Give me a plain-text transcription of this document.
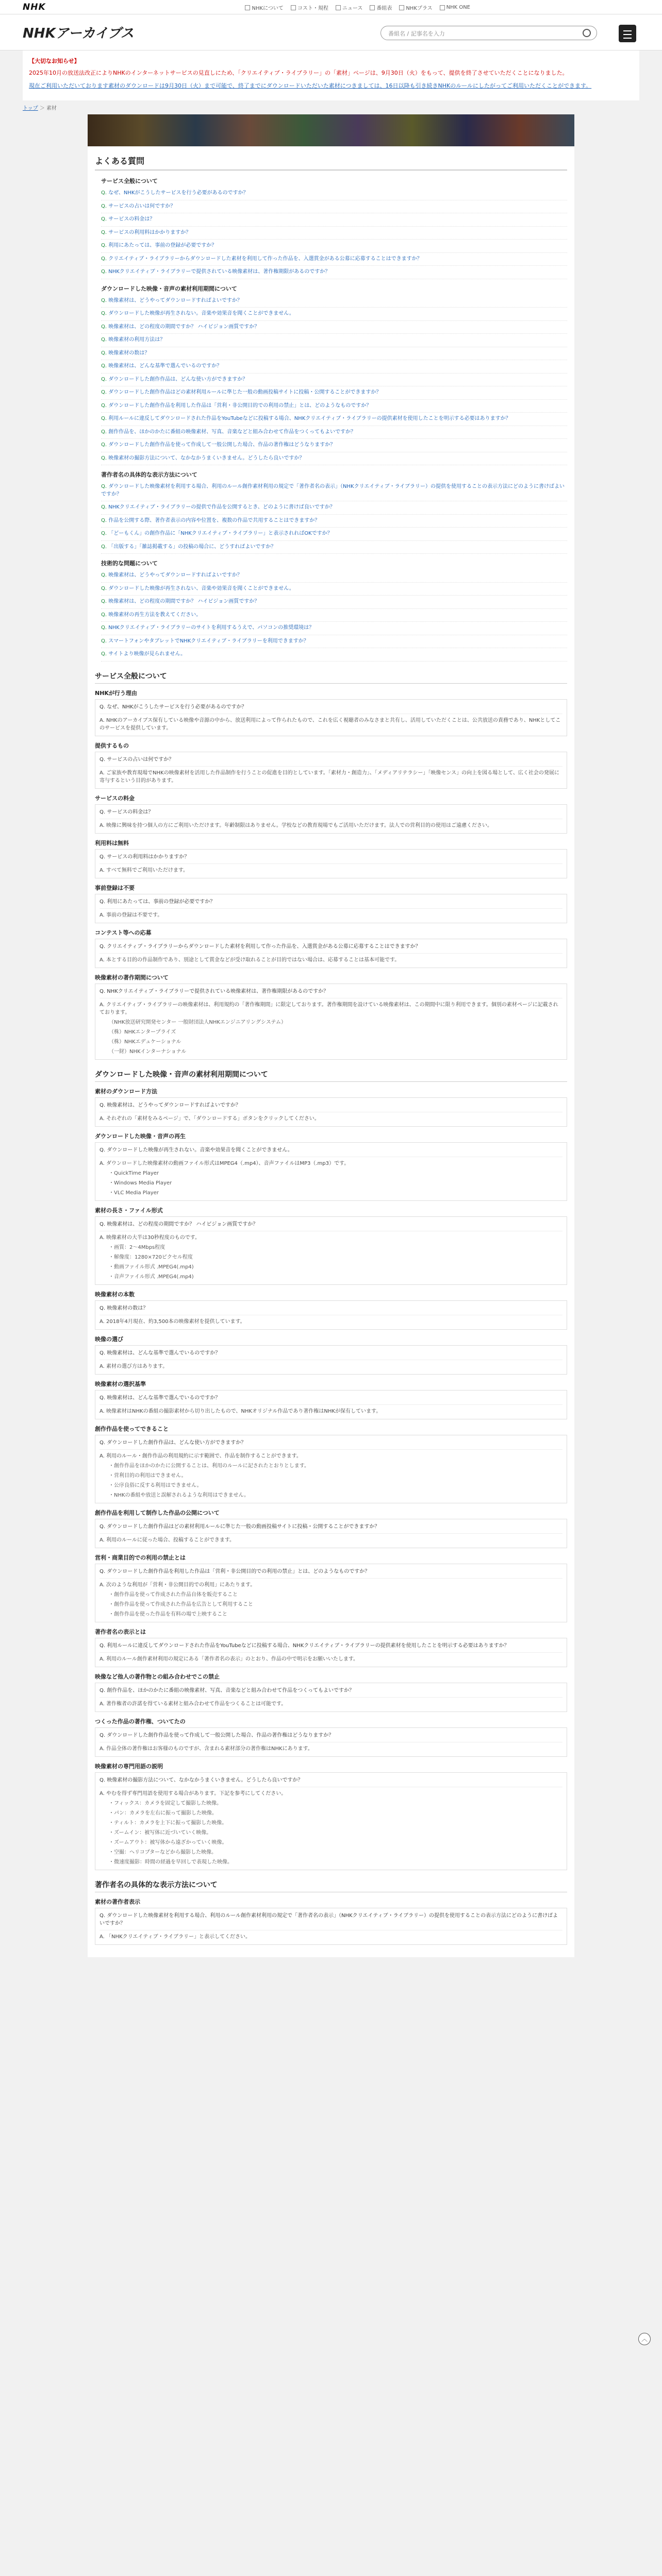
NHK	NHKについて	コスト・規程	ニュース	番組表	NHKプラス	NHK ONE
NHKアーカイブス	番組名 / 記事名を入力
【大切なお知らせ】

2025年10月の放送法改正によりNHKのインターネットサービスの見直しにため、「クリエイティブ・ライブラリー」の「素材」ページは、9月30日（火）をもって、提供を終了させていただくことになりました。

現在ご利用いただいております素材のダウンロードは9月30日（火）まで可能で、終了までにダウンロードいただいた素材につきましては、16日以降も引き続きNHKのルールにしたがってご利用いただくことができます。

トップ ＞ 素材
よくある質問
サービス全般について
Q. なぜ、NHKがこうしたサービスを行う必要があるのですか？
Q. サービスの占いは何ですか？
Q. サービスの料金は？
Q. サービスの利用料はかかりますか？
Q. 利用にあたっては、事前の登録が必要ですか？
Q. クリエイティブ・ライブラリーからダウンロードした素材を利用して作った作品を、入選賞金がある公募に応募することはできますか？
Q. NHKクリエイティブ・ライブラリーで提供されている映像素材は、著作権期限があるのですか？
ダウンロードした映像・音声の素材利用期間について
Q. 映像素材は、どうやってダウンロードすればよいですか？
Q. ダウンロードした映像が再生されない。音楽や効果音を聞くことができません。
Q. 映像素材は、どの程度の期間ですか？ ハイビジョン画質ですか？
Q. 映像素材の利用方法は？
Q. 映像素材の数は？
Q. 映像素材は、どんな基準で選んでいるのですか？
Q. ダウンロードした創作作品は、どんな使い方ができますか？
Q. ダウンロードした創作作品はどの素材利用ルールに準じた一般の動画投稿サイトに投稿・公開することができますか？
Q. ダウンロードした創作作品を利用した作品は「営利・非公開目的での利用の禁止」とは、どのようなものですか？
Q. 利用ルールに違反してダウンロードされた作品をYouTubeなどに投稿する場合、NHKクリエイティブ・ライブラリーの提供素材を使用したことを明示する必要はありますか？
Q. 創作作品を、ほかのかたに番組の映像素材、写真、音楽などと組み合わせて作品をつくってもよいですか？
Q. ダウンロードした創作作品を使って作成して一般公開した場合、作品の著作権はどうなりますか？
Q. 映像素材の撮影方法について、なかなかうまくいきません。どうしたら良いですか？
著作者名の具体的な表示方法について
Q. ダウンロードした映像素材を利用する場合、利用のルール創作素材利用の規定で「著作者名の表示」（NHKクリエイティブ・ライブラリー）の提供を使用することの表示方法にどのように書けばよいですか？
Q. NHKクリエイティブ・ライブラリーの提供で作品を公開するとき、どのように書けば良いですか？
Q. 作品を公開する際、著作者表示の内容や位置を、複数の作品で共用することはできますか？
Q. 「どーもくん」の創作作品に「NHKクリエイティブ・ライブラリー」と表示されればOKですか？
Q. 「出版する」「雑誌掲載する」の投稿の場合に、どうすればよいですか？
技術的な問題について
Q. 映像素材は、どうやってダウンロードすればよいですか？
Q. ダウンロードした映像が再生されない、音楽や効果音を聞くことができません。
Q. 映像素材は、どの程度の期間ですか？ ハイビジョン画質ですか？
Q. 映像素材の再生方法を教えてください。
Q. NHKクリエイティブ・ライブラリーのサイトを利用するうえで、パソコンの推奨環境は？
Q. スマートフォンやタブレットでNHKクリエイティブ・ライブラリーを利用できますか？
Q. サイトより映像が見られません。
サービス全般について
NHKが行う理由
Q. なぜ、NHKがこうしたサービスを行う必要があるのですか？
A. NHKのアーカイブス保有している映像や音源の中から、放送利用によって作られたもので、これを広く視聴者のみなさまと共有し、活用していただくことは、公共放送の責務であり、NHKとしてこのサービスを提供しています。
提供するもの
Q. サービスの占いは何ですか？
A. ご家族や教育現場でNHKの映像素材を活用した作品制作を行うことの促進を目的としています。「素材力・創造力」、「メディアリテラシー」「映像センス」の向上を図る場として、広く社会の発展に寄与するという目的があります。
サービスの料金
Q. サービスの料金は？
A. 映像に興味を持つ個人の方にご利用いただけます。年齢制限はありません。学校などの教育現場でもご活用いただけます。法人での営利目的の使用はご遠慮ください。
利用料は無料
Q. サービスの利用料はかかりますか？
A. すべて無料でご利用いただけます。
事前登録は不要
Q. 利用にあたっては、事前の登録が必要ですか？
A. 事前の登録は不要です。
コンテスト等への応募
Q. クリエイティブ・ライブラリーからダウンロードした素材を利用して作った作品を、入選賞金がある公募に応募することはできますか？
A. 本とする目的の作品制作であり、別途として賞金などが受け取れることが目的ではない場合は、応募することは基本可能です。
映像素材の著作期間について
Q. NHKクリエイティブ・ライブラリーで提供されている映像素材は、著作権期限があるのですか？
A. クリエイティブ・ライブラリーの映像素材は、利用規約の「著作権期間」に限定しております。著作権期間を設けている映像素材は、この期間中に限り利用できます。個別の素材ページに記載されております。
（NHK放送研究開発センター 一般財団法人NHKエンジニアリングシステム）
（株）NHKエンタープライズ
（株）NHKエデュケーショナル
（一財）NHKインターナショナル
ダウンロードした映像・音声の素材利用期間について
素材のダウンロード方法
Q. 映像素材は、どうやってダウンロードすればよいですか？
A. それぞれの「素材をみるページ」で、「ダウンロードする」ボタンをクリックしてください。
ダウンロードした映像・音声の再生
Q. ダウンロードした映像が再生されない。音楽や効果音を聞くことができません。
A. ダウンロードした映像素材の動画ファイル形式はMPEG4（.mp4）、音声ファイルはMP3（.mp3）です。
・QuickTime Player
・Windows Media Player
・VLC Media Player
素材の長さ・ファイル形式
Q. 映像素材は、どの程度の期間ですか？ ハイビジョン画質ですか？
A. 映像素材の大半は30秒程度のものです。
・画質：2〜4Mbps程度
・解像度：1280×720ピクセル程度
・動画ファイル形式 .MPEG4(.mp4)
・音声ファイル形式 .MPEG4(.mp4)
映像素材の本数
Q. 映像素材の数は？
A. 2018年4月現在、約3,500本の映像素材を提供しています。
映像の選び
Q. 映像素材は、どんな基準で選んでいるのですか？
A. 素材の選び方はあります。
映像素材の選択基準
Q. 映像素材は、どんな基準で選んでいるのですか？
A. 映像素材はNHKの番組の撮影素材から切り出したもので、NHKオリジナル作品であり著作権はNHKが保有しています。
創作作品を使ってできること
Q. ダウンロードした創作作品は、どんな使い方ができますか？
A. 利用のルール・創作作品の利用規約に示す範囲で、作品を制作することができます。
・創作作品をほかのかたに公開することは、利用のルールに記されたとおりとします。
・営利目的の利用はできません。
・公序良俗に反する利用はできません。
・NHKの番組や放送と誤解されるような利用はできません。
創作作品を利用して制作した作品の公開について
Q. ダウンロードした創作作品はどの素材利用ルールに準じた一般の動画投稿サイトに投稿・公開することができますか？
A. 利用のルールに従った場合、投稿することができます。
営利・商業目的での利用の禁止とは
Q. ダウンロードした創作作品を利用した作品は「営利・非公開目的での利用の禁止」とは、どのようなものですか？
A. 次のような利用が「営利・非公開目的での利用」にあたります。
・創作作品を使って作成された作品自体を販売すること
・創作作品を使って作成された作品を広告として利用すること
・創作作品を使った作品を有料の場で上映すること
著作者名の表示とは
Q. 利用ルールに違反してダウンロードされた作品をYouTubeなどに投稿する場合、NHKクリエイティブ・ライブラリーの提供素材を使用したことを明示する必要はありますか？
A. 利用のルール創作素材利用の規定にある「著作者名の表示」のとおり、作品の中で明示をお願いいたします。
映像など他人の著作物との組み合わせでこの禁止
Q. 創作作品を、ほかのかたに番組の映像素材、写真、音楽などと組み合わせて作品をつくってもよいですか？
A. 著作権者の許諾を得ている素材と組み合わせて作品をつくることは可能です。
つくった作品の著作権、ついてたの
Q. ダウンロードした創作作品を使って作成して一般公開した場合、作品の著作権はどうなりますか？
A. 作品全体の著作権はお客様のものですが、含まれる素材部分の著作権はNHKにあります。
映像素材の専門用語の説明
Q. 映像素材の撮影方法について、なかなかうまくいきません。どうしたら良いですか？
A. やむを得ず専門用語を使用する場合があります。下記を参考にしてください。
・フィックス：カメラを固定して撮影した映像。
・パン：カメラを左右に振って撮影した映像。
・ティルト：カメラを上下に振って撮影した映像。
・ズームイン：被写体に近づいていく映像。
・ズームアウト：被写体から遠ざかっていく映像。
・空撮：ヘリコプターなどから撮影した映像。
・微速度撮影：時間の経過を早回しで表現した映像。
著作者名の具体的な表示方法について
素材の著作者表示
Q. ダウンロードした映像素材を利用する場合、利用のルール創作素材利用の規定で「著作者名の表示」（NHKクリエイティブ・ライブラリー）の提供を使用することの表示方法にどのように書けばよいですか？
A. 「NHKクリエイティブ・ライブラリー」と表示してください。
︿
